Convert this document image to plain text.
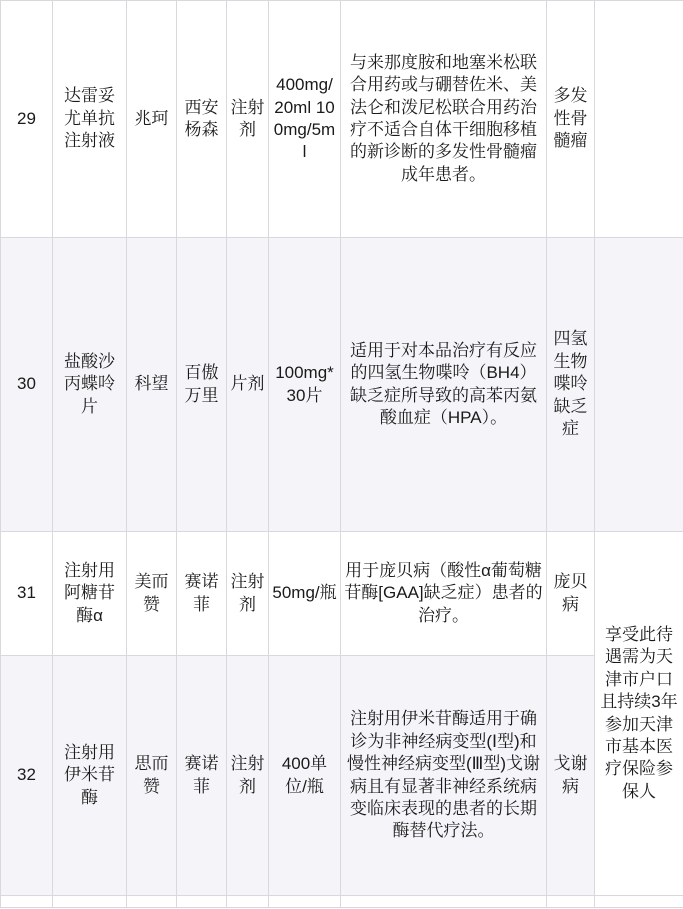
29	达雷妥尤单抗注射液	兆珂	西安杨森	注射剂	400mg/20ml 100mg/5ml	与来那度胺和地塞米松联合用药或与硼替佐米、美法仑和泼尼松联合用药治疗不适合自体干细胞移植的新诊断的多发性骨髓瘤成年患者。	多发性骨髓瘤	
30	盐酸沙丙蝶呤片	科望	百傲万里	片剂	100mg*30片	适用于对本品治疗有反应的四氢生物喋呤（BH4）缺乏症所导致的高苯丙氨酸血症（HPA）。	四氢生物喋呤缺乏症	
31	注射用阿糖苷酶α	美而赞	赛诺菲	注射剂	50mg/瓶	用于庞贝病（酸性α葡萄糖苷酶[GAA]缺乏症）患者的治疗。	庞贝病	享受此待遇需为天津市户口且持续3年参加天津市基本医疗保险参保人
32	注射用伊米苷酶	思而赞	赛诺菲	注射剂	400单位/瓶	注射用伊米苷酶适用于确诊为非神经病变型(Ⅰ型)和慢性神经病变型(Ⅲ型)戈谢病且有显著非神经系统病变临床表现的患者的长期酶替代疗法。	戈谢病	
